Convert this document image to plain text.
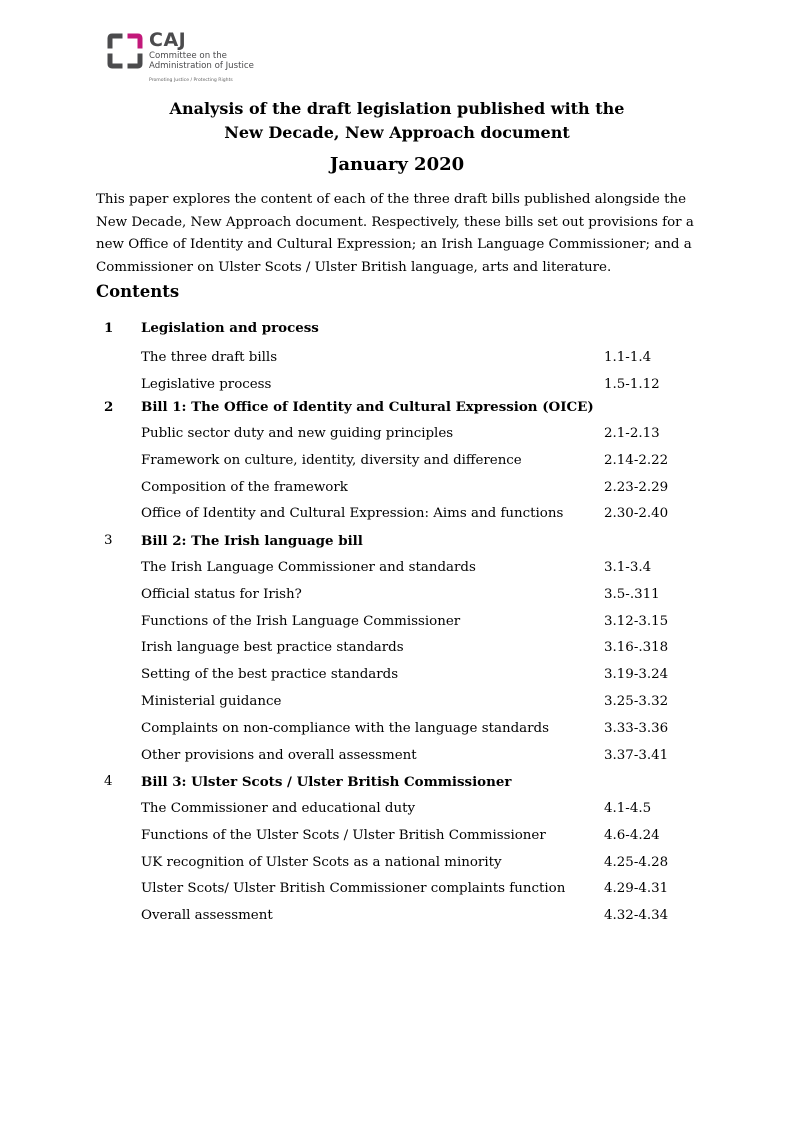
CAJ
Committee on the
Administration of Justice
Promoting Justice / Protecting Rights
Analysis of the draft legislation published with the
New Decade, New Approach document
January 2020

This paper explores the content of each of the three draft bills published alongside the New Decade, New Approach document. Respectively, these bills set out provisions for a new Office of Identity and Cultural Expression; an Irish Language Commissioner; and a Commissioner on Ulster Scots / Ulster British language, arts and literature.

Contents
1 Legislation and process
The three draft bills	1.1-1.4
Legislative process	1.5-1.12
2 Bill 1: The Office of Identity and Cultural Expression (OICE)
Public sector duty and new guiding principles	2.1-2.13
Framework on culture, identity, diversity and difference	2.14-2.22
Composition of the framework	2.23-2.29
Office of Identity and Cultural Expression: Aims and functions	2.30-2.40
3 Bill 2: The Irish language bill
The Irish Language Commissioner and standards	3.1-3.4
Official status for Irish?	3.5-.311
Functions of the Irish Language Commissioner	3.12-3.15
Irish language best practice standards	3.16-.318
Setting of the best practice standards	3.19-3.24
Ministerial guidance	3.25-3.32
Complaints on non-compliance with the language standards	3.33-3.36
Other provisions and overall assessment	3.37-3.41
4 Bill 3: Ulster Scots / Ulster British Commissioner
The Commissioner and educational duty	4.1-4.5
Functions of the Ulster Scots / Ulster British Commissioner	4.6-4.24
UK recognition of Ulster Scots as a national minority	4.25-4.28
Ulster Scots/ Ulster British Commissioner complaints function	4.29-4.31
Overall assessment	4.32-4.34
